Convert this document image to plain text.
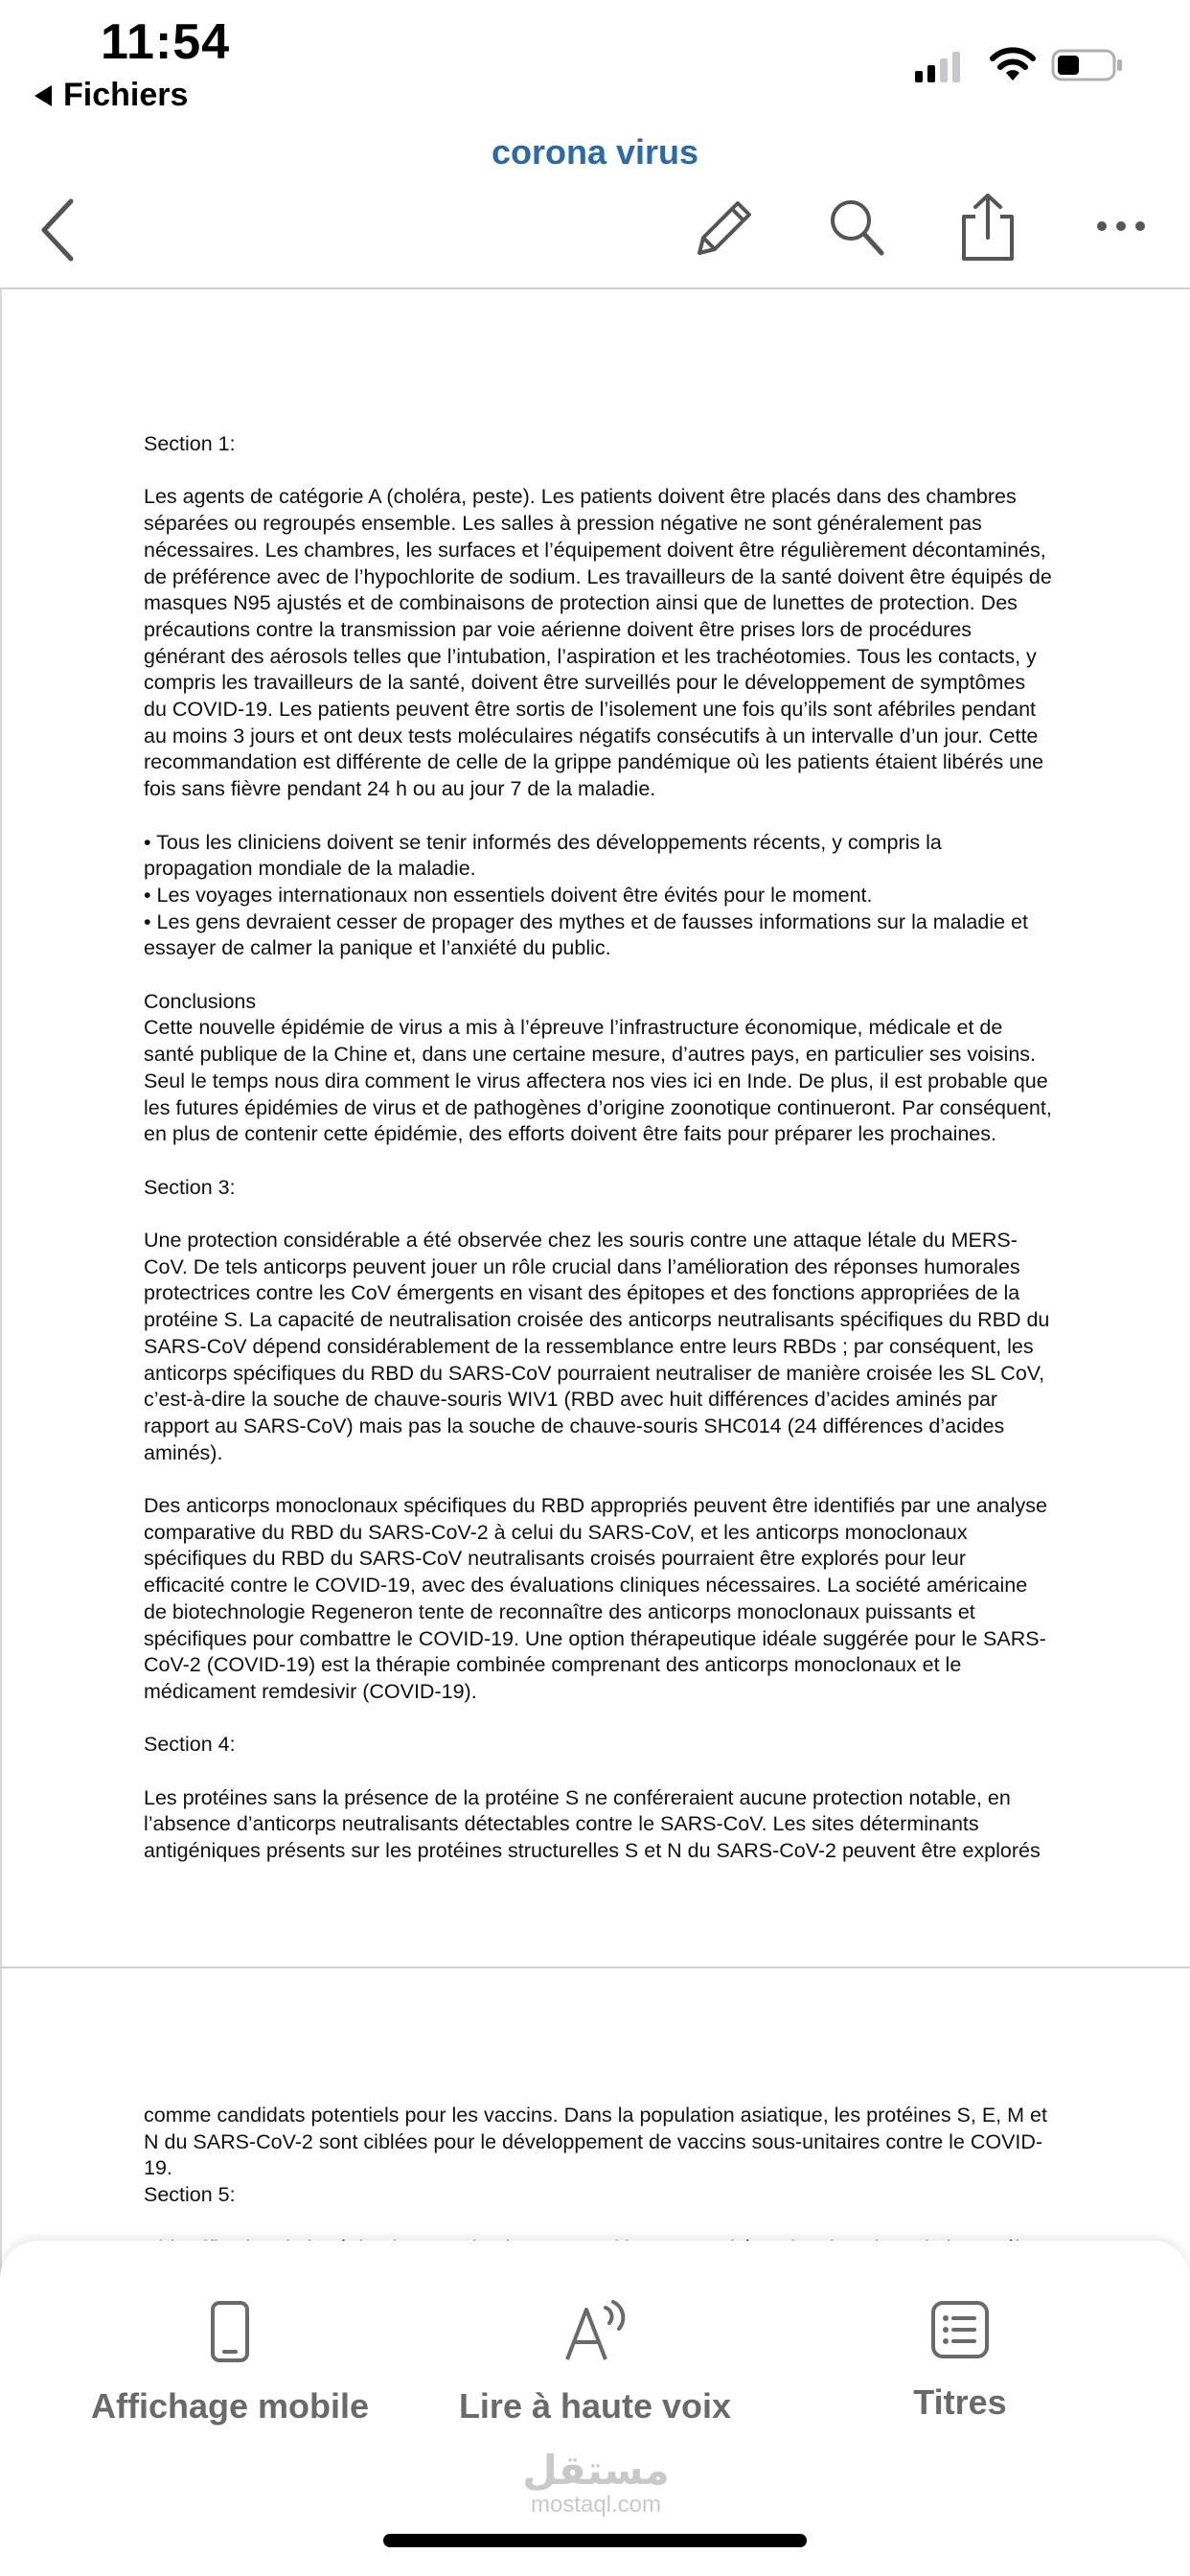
11:54
Fichiers
corona virus

Section 1:

Les agents de catégorie A (choléra, peste). Les patients doivent être placés dans des chambres séparées ou regroupés ensemble. Les salles à pression négative ne sont généralement pas nécessaires. Les chambres, les surfaces et l’équipement doivent être régulièrement décontaminés, de préférence avec de l’hypochlorite de sodium. Les travailleurs de la santé doivent être équipés de masques N95 ajustés et de combinaisons de protection ainsi que de lunettes de protection. Des précautions contre la transmission par voie aérienne doivent être prises lors de procédures générant des aérosols telles que l’intubation, l’aspiration et les trachéotomies. Tous les contacts, y compris les travailleurs de la santé, doivent être surveillés pour le développement de symptômes du COVID-19. Les patients peuvent être sortis de l’isolement une fois qu’ils sont afébriles pendant au moins 3 jours et ont deux tests moléculaires négatifs consécutifs à un intervalle d’un jour. Cette recommandation est différente de celle de la grippe pandémique où les patients étaient libérés une fois sans fièvre pendant 24 h ou au jour 7 de la maladie.

• Tous les cliniciens doivent se tenir informés des développements récents, y compris la propagation mondiale de la maladie.
• Les voyages internationaux non essentiels doivent être évités pour le moment.
• Les gens devraient cesser de propager des mythes et de fausses informations sur la maladie et essayer de calmer la panique et l’anxiété du public.

Conclusions
Cette nouvelle épidémie de virus a mis à l’épreuve l’infrastructure économique, médicale et de santé publique de la Chine et, dans une certaine mesure, d’autres pays, en particulier ses voisins. Seul le temps nous dira comment le virus affectera nos vies ici en Inde. De plus, il est probable que les futures épidémies de virus et de pathogènes d’origine zoonotique continueront. Par conséquent, en plus de contenir cette épidémie, des efforts doivent être faits pour préparer les prochaines.

Section 3:

Une protection considérable a été observée chez les souris contre une attaque létale du MERS-CoV. De tels anticorps peuvent jouer un rôle crucial dans l’amélioration des réponses humorales protectrices contre les CoV émergents en visant des épitopes et des fonctions appropriées de la protéine S. La capacité de neutralisation croisée des anticorps neutralisants spécifiques du RBD du SARS-CoV dépend considérablement de la ressemblance entre leurs RBDs ; par conséquent, les anticorps spécifiques du RBD du SARS-CoV pourraient neutraliser de manière croisée les SL CoV, c’est-à-dire la souche de chauve-souris WIV1 (RBD avec huit différences d’acides aminés par rapport au SARS-CoV) mais pas la souche de chauve-souris SHC014 (24 différences d’acides aminés).

Des anticorps monoclonaux spécifiques du RBD appropriés peuvent être identifiés par une analyse comparative du RBD du SARS-CoV-2 à celui du SARS-CoV, et les anticorps monoclonaux spécifiques du RBD du SARS-CoV neutralisants croisés pourraient être explorés pour leur efficacité contre le COVID-19, avec des évaluations cliniques nécessaires. La société américaine de biotechnologie Regeneron tente de reconnaître des anticorps monoclonaux puissants et spécifiques pour combattre le COVID-19. Une option thérapeutique idéale suggérée pour le SARS-CoV-2 (COVID-19) est la thérapie combinée comprenant des anticorps monoclonaux et le médicament remdesivir (COVID-19).

Section 4:

Les protéines sans la présence de la protéine S ne conféreraient aucune protection notable, en l’absence d’anticorps neutralisants détectables contre le SARS-CoV. Les sites déterminants antigéniques présents sur les protéines structurelles S et N du SARS-CoV-2 peuvent être explorés

comme candidats potentiels pour les vaccins. Dans la population asiatique, les protéines S, E, M et N du SARS-CoV-2 sont ciblées pour le développement de vaccins sous-unitaires contre le COVID-19.
Section 5:

Affichage mobile	Lire à haute voix	Titres
مستقل
mostaql.com
